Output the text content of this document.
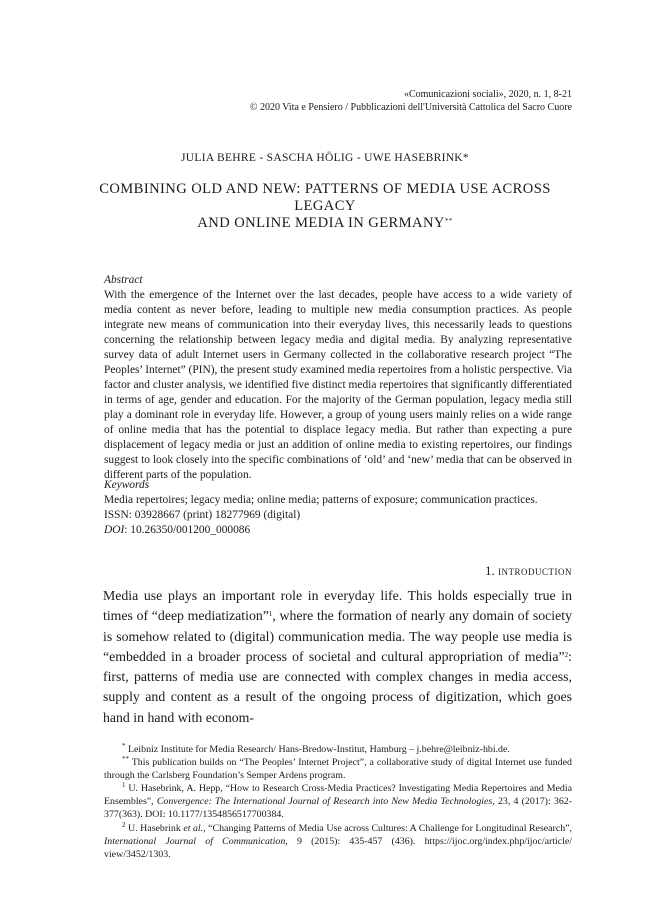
«Comunicazioni sociali», 2020, n. 1, 8-21
© 2020 Vita e Pensiero / Pubblicazioni dell'Università Cattolica del Sacro Cuore
JULIA BEHRE - SASCHA HÖLIG - UWE HASEBRINK*
COMBINING OLD AND NEW: PATTERNS OF MEDIA USE ACROSS LEGACY
AND ONLINE MEDIA IN GERMANY**
Abstract

With the emergence of the Internet over the last decades, people have access to a wide variety of media content as never before, leading to multiple new media consumption practices. As people integrate new means of communication into their everyday lives, this necessarily leads to questions concerning the relationship between legacy media and digital media. By analyzing representative survey data of adult Internet users in Germany collected in the collaborative research project “The Peoples’ Internet” (PIN), the present study examined media repertoires from a holistic perspective. Via factor and cluster analysis, we identified five distinct media repertoires that significantly differentiated in terms of age, gender and education. For the majority of the German population, legacy media still play a dominant role in everyday life. However, a group of young users mainly relies on a wide range of online media that has the potential to displace legacy media. But rather than expecting a pure displacement of legacy media or just an addition of online media to existing repertoires, our findings suggest to look closely into the specific combinations of ‘old’ and ‘new’ media that can be observed in different parts of the population.

Keywords
Media repertoires; legacy media; online media; patterns of exposure; communication practices.
ISSN: 03928667 (print) 18277969 (digital)
DOI: 10.26350/001200_000086
1. introduction

Media use plays an important role in everyday life. This holds especially true in times of “deep mediatization”$^1$, where the formation of nearly any domain of society is somehow related to (digital) communication media. The way people use media is “embedded in a broader process of societal and cultural appropriation of media”$^2$: first, patterns of media use are connected with complex changes in media access, supply and content as a result of the ongoing process of digitization, which goes hand in hand with econom-

* Leibniz Institute for Media Research/ Hans-Bredow-Institut, Hamburg – j.behre@leibniz-hbi.de.

** This publication builds on “The Peoples’ Internet Project”, a collaborative study of digital Internet use funded through the Carlsberg Foundation’s Semper Ardens program.

$^1$ U. Hasebrink, A. Hepp, “How to Research Cross-Media Practices? Investigating Media Repertoires and Media Ensembles”, Convergence: The International Journal of Research into New Media Technologies, 23, 4 (2017): 362-377(363). DOI: 10.1177/1354856517700384.

$^2$ U. Hasebrink et al., “Changing Patterns of Media Use across Cultures: A Challenge for Longitudinal Research”, International Journal of Communication, 9 (2015): 435-457 (436). https://ijoc.org/index.php/ijoc/article/ view/3452/1303.
